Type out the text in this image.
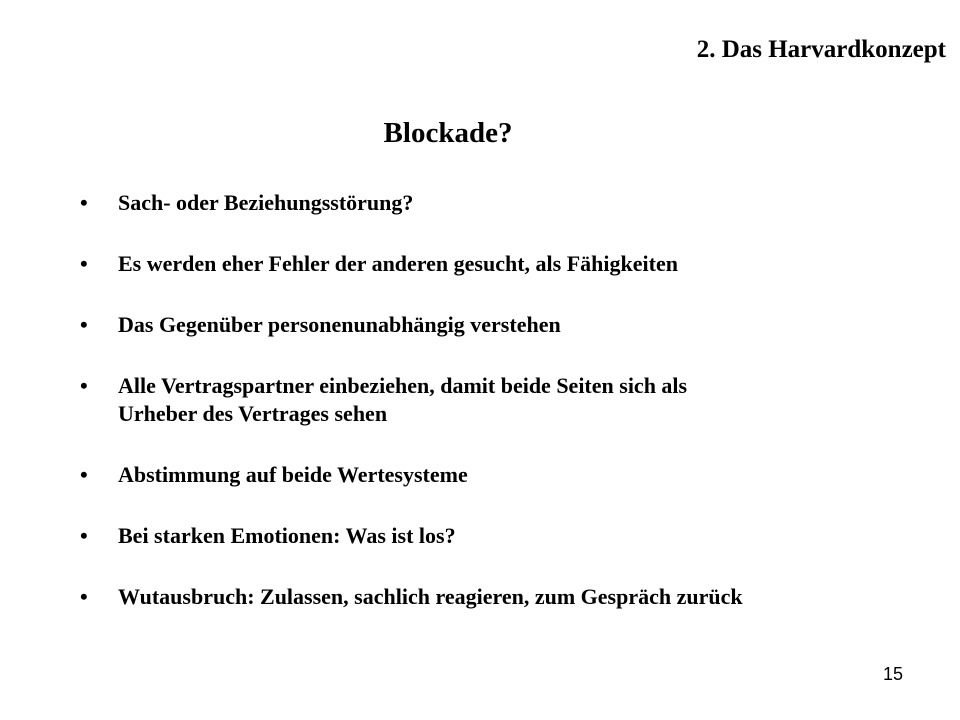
2. Das Harvardkonzept
Blockade?
• Sach- oder Beziehungsstörung?
• Es werden eher Fehler der anderen gesucht, als Fähigkeiten
• Das Gegenüber personenunabhängig verstehen
• Alle Vertragspartner einbeziehen, damit beide Seiten sich als
Urheber des Vertrages sehen
• Abstimmung auf beide Wertesysteme
• Bei starken Emotionen: Was ist los?
• Wutausbruch: Zulassen, sachlich reagieren, zum Gespräch zurück
15
